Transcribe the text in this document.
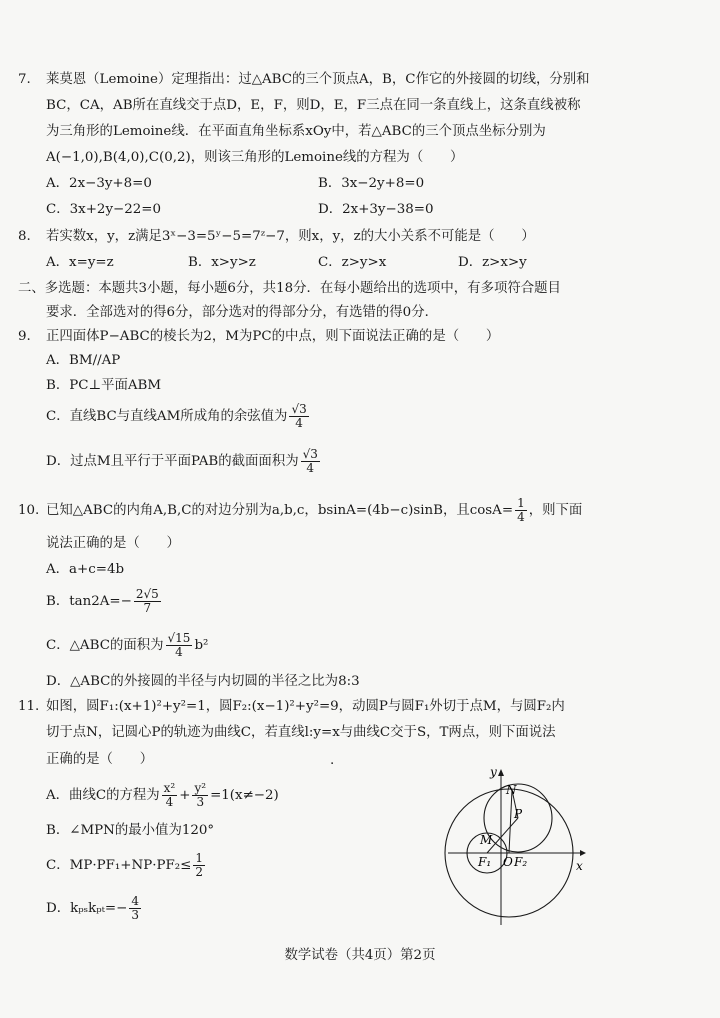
7. 莱莫恩（Lemoine）定理指出：过△ABC的三个顶点A，B，C作它的外接圆的切线，分别和
BC，CA，AB所在直线交于点D，E，F，则D，E，F三点在同一条直线上，这条直线被称
为三角形的Lemoine线．在平面直角坐标系xOy中，若△ABC的三个顶点坐标分别为
A(−1,0),B(4,0),C(0,2)，则该三角形的Lemoine线的方程为（　　）
A．2x−3y+8=0	B．3x−2y+8=0
C．3x+2y−22=0	D．2x+3y−38=0
8. 若实数x，y，z满足3ˣ−3=5ʸ−5=7ᶻ−7，则x，y，z的大小关系不可能是（　　）
A．x=y=z	B．x>y>z	C．z>y>x	D．z>x>y
二、多选题：本题共3小题，每小题6分，共18分．在每小题给出的选项中，有多项符合题目
要求．全部选对的得6分，部分选对的得部分分，有选错的得0分．
9. 正四面体P−ABC的棱长为2，M为PC的中点，则下面说法正确的是（　　）
A．BM//AP
B．PC⊥平面ABM
C．直线BC与直线AM所成角的余弦值为 $\frac{√3}{4}$
D．过点M且平行于平面PAB的截面面积为 $\frac{√3}{4}$
10. 已知△ABC的内角A,B,C的对边分别为a,b,c，bsinA=(4b−c)sinB，且$\cos A= \frac{1}{4}$ ，则下面
说法正确的是（　　）
A．a+c=4b
B．$\tan 2A=- \frac{2√5}{7}$
C．△ABC的面积为 $\frac{√15}{4} b^2$
D．△ABC的外接圆的半径与内切圆的半径之比为8:3
11. 如图，圆F₁:(x+1)²+y²=1，圆F₂:(x−1)²+y²=9，动圆P与圆F₁外切于点M，与圆F₂内
切于点N，记圆心P的轨迹为曲线C，若直线l:y=x与曲线C交于S，T两点，则下面说法
正确的是（　　）	.
A．曲线C的方程为 $\frac{\text{x²}}{4} + \frac{\text{y²}}{3} =1(x\ne-2)$
B．∠MPN的最小值为120°
C．$MP\cdot PF_1+NP\cdot PF_2\le \frac{1}{2}$
D．$k_{ps}k_{pt}=- \frac{4}{3}$
y
x
N
P
M
F₁ O F₂
数学试卷（共4页）第2页
